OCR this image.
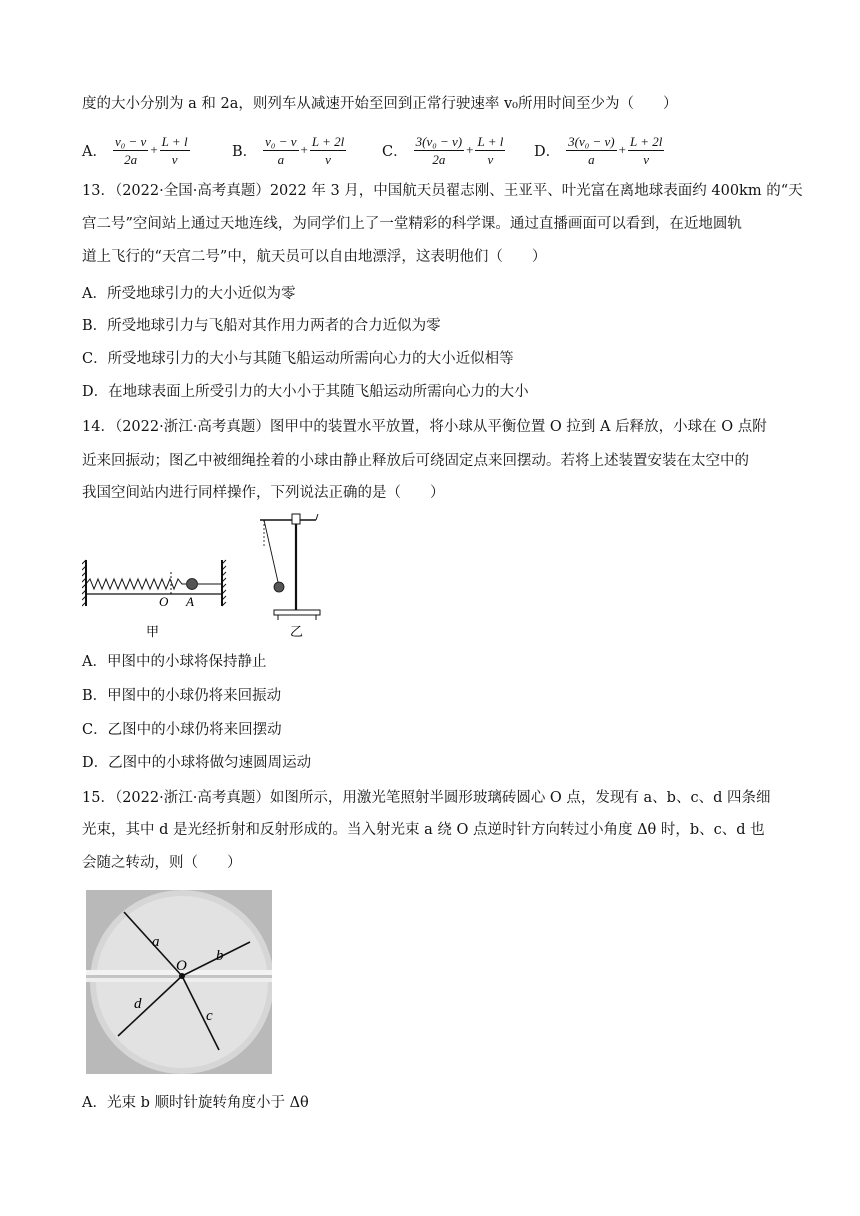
度的大小分别为 a 和 2a，则列车从减速开始至回到正常行驶速率 v₀所用时间至少为（　　）
A． $\frac{\text{v₀ − v}}{2a} + \frac{L + l}{v}$	B． $\frac{\text{v₀ − v}}{a} + \frac{L + 2l}{v}$ C． $\frac{\text{3(v₀ − v)}}{2a} + \frac{L + l}{v}$ D． $\frac{\text{3(v₀ − v)}}{a} + \frac{L + 2l}{v}$
13．（2022·全国·高考真题）2022 年 3 月，中国航天员翟志刚、王亚平、叶光富在离地球表面约 400km 的“天
宫二号”空间站上通过天地连线，为同学们上了一堂精彩的科学课。通过直播画面可以看到，在近地圆轨
道上飞行的“天宫二号”中，航天员可以自由地漂浮，这表明他们（　　）
A．所受地球引力的大小近似为零
B．所受地球引力与飞船对其作用力两者的合力近似为零
C．所受地球引力的大小与其随飞船运动所需向心力的大小近似相等
D．在地球表面上所受引力的大小小于其随飞船运动所需向心力的大小
14．（2022·浙江·高考真题）图甲中的装置水平放置，将小球从平衡位置 O 拉到 A 后释放，小球在 O 点附
近来回振动；图乙中被细绳拴着的小球由静止释放后可绕固定点来回摆动。若将上述装置安装在太空中的
我国空间站内进行同样操作，下列说法正确的是（　　）
O A
甲	乙
A．甲图中的小球将保持静止
B．甲图中的小球仍将来回振动
C．乙图中的小球仍将来回摆动
D．乙图中的小球将做匀速圆周运动
15．（2022·浙江·高考真题）如图所示，用激光笔照射半圆形玻璃砖圆心 O 点，发现有 a、b、c、d 四条细
光束，其中 d 是光经折射和反射形成的。当入射光束 a 绕 O 点逆时针方向转过小角度 Δθ 时，b、c、d 也
会随之转动，则（　　）
a
b
c
d
O
A．光束 b 顺时针旋转角度小于 Δθ
